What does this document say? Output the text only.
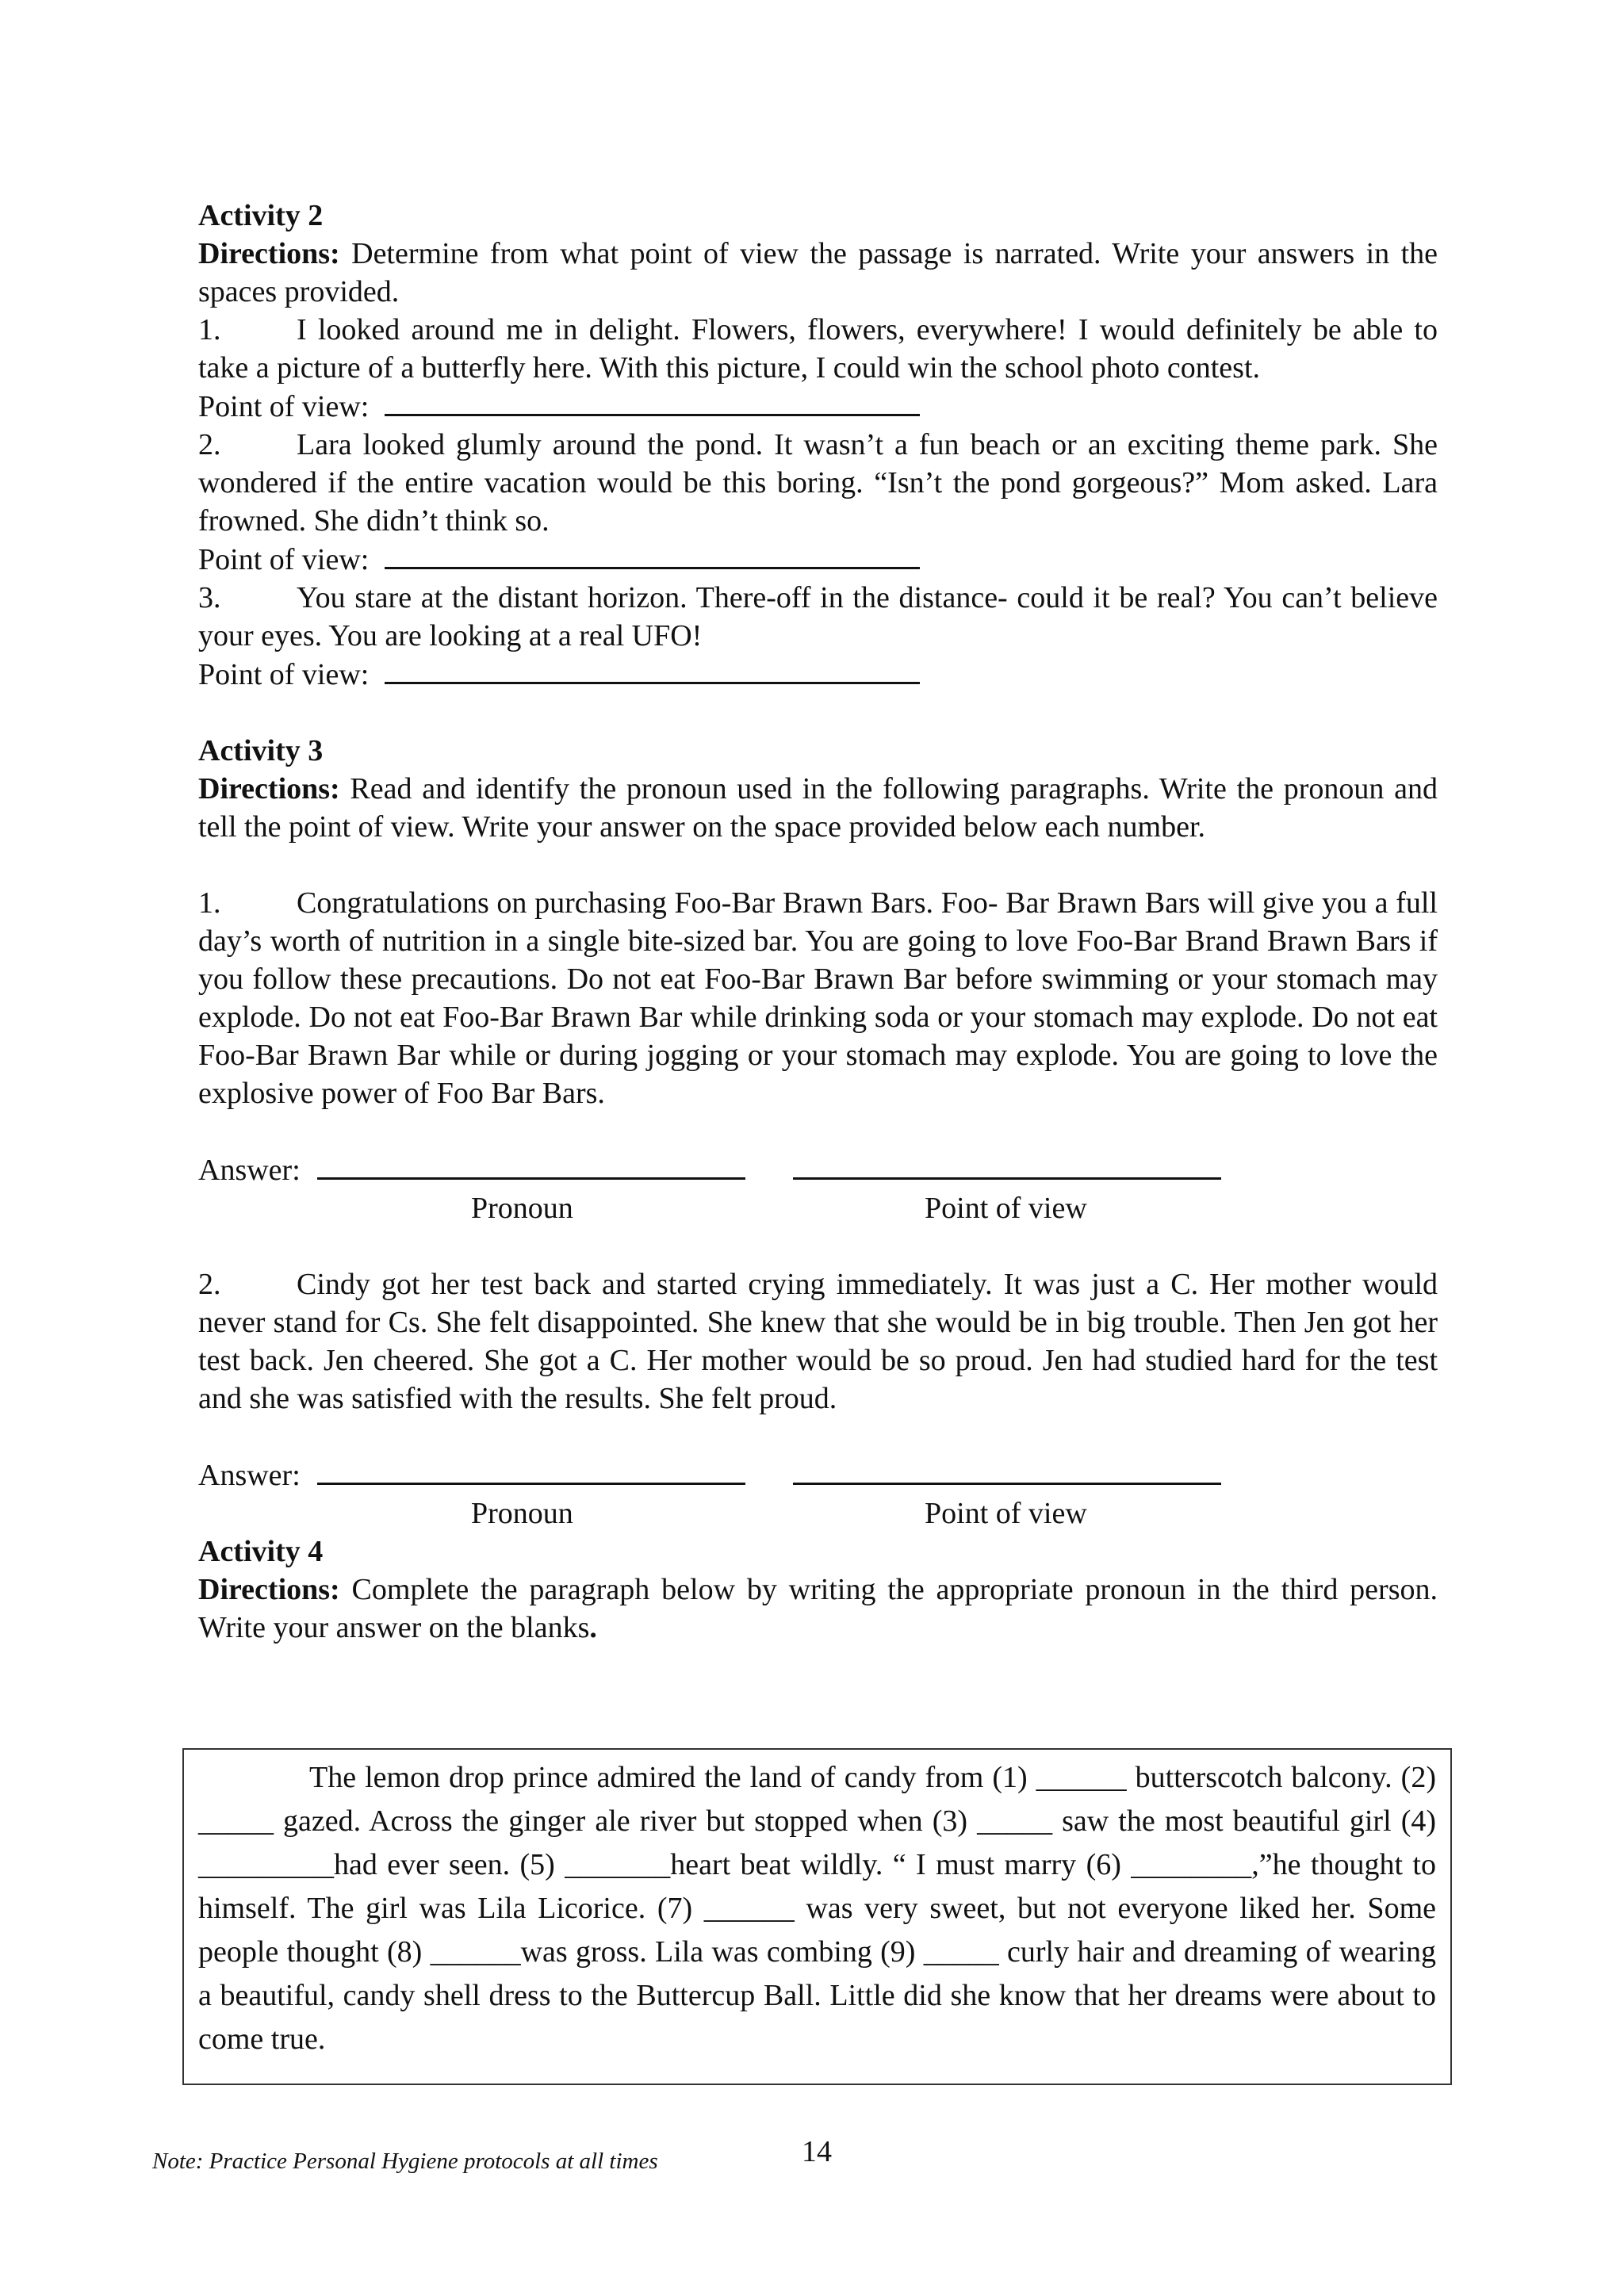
Activity 2
Directions: Determine from what point of view the passage is narrated. Write your answers in the spaces provided.
1.	I looked around me in delight. Flowers, flowers, everywhere! I would definitely be able to take a picture of a butterfly here. With this picture, I could win the school photo contest.
Point of view:
2.	Lara looked glumly around the pond. It wasn’t a fun beach or an exciting theme park. She wondered if the entire vacation would be this boring. “Isn’t the pond gorgeous?” Mom asked. Lara frowned. She didn’t think so.
Point of view:
3.	You stare at the distant horizon. There-off in the distance- could it be real? You can’t believe your eyes. You are looking at a real UFO!
Point of view:
Activity 3
Directions: Read and identify the pronoun used in the following paragraphs. Write the pronoun and tell the point of view. Write your answer on the space provided below each number.
1.	Congratulations on purchasing Foo-Bar Brawn Bars. Foo- Bar Brawn Bars will give you a full day’s worth of nutrition in a single bite-sized bar. You are going to love Foo-Bar Brand Brawn Bars if you follow these precautions. Do not eat Foo-Bar Brawn Bar before swimming or your stomach may explode. Do not eat Foo-Bar Brawn Bar while drinking soda or your stomach may explode. Do not eat Foo-Bar Brawn Bar while or during jogging or your stomach may explode. You are going to love the explosive power of Foo Bar Bars.
Answer:
Pronoun	Point of view
2.	Cindy got her test back and started crying immediately. It was just a C. Her mother would never stand for Cs. She felt disappointed. She knew that she would be in big trouble. Then Jen got her test back. Jen cheered. She got a C. Her mother would be so proud. Jen had studied hard for the test and she was satisfied with the results. She felt proud.
Answer:
Pronoun	Point of view
Activity 4
Directions: Complete the paragraph below by writing the appropriate pronoun in the third person. Write your answer on the blanks.
The lemon drop prince admired the land of candy from (1) ______ butterscotch balcony. (2) _____ gazed. Across the ginger ale river but stopped when (3) _____ saw the most beautiful girl (4) _________had ever seen. (5) _______heart beat wildly. “ I must marry (6) ________,”he thought to himself. The girl was Lila Licorice. (7) ______ was very sweet, but not everyone liked her. Some people thought (8) ______was gross. Lila was combing (9) _____ curly hair and dreaming of wearing a beautiful, candy shell dress to the Buttercup Ball. Little did she know that her dreams were about to come true.
Note: Practice Personal Hygiene protocols at all times	14
